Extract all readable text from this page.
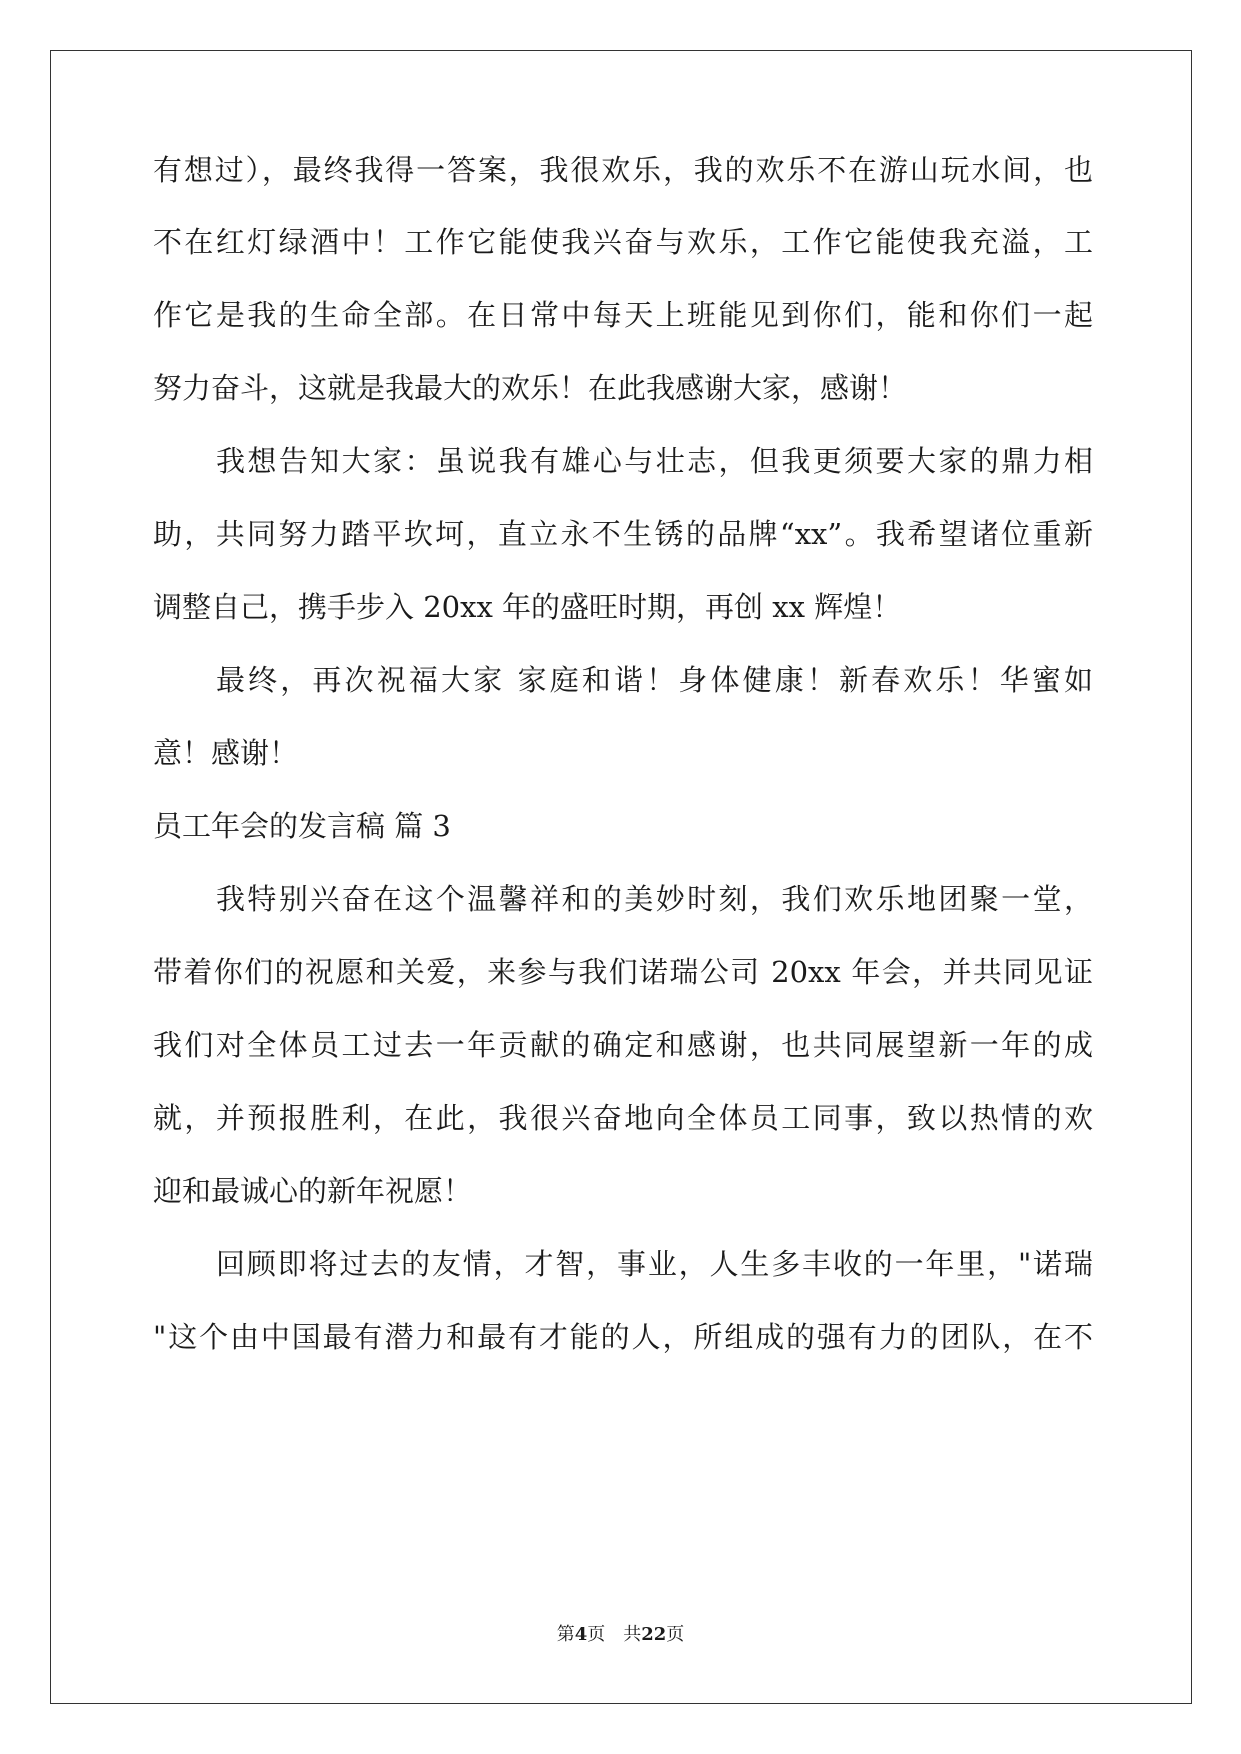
有想过），最终我得一答案，我很欢乐，我的欢乐不在游山玩水间，也
不在红灯绿酒中！工作它能使我兴奋与欢乐，工作它能使我充溢，工
作它是我的生命全部。在日常中每天上班能见到你们，能和你们一起
努力奋斗，这就是我最大的欢乐！在此我感谢大家，感谢！
我想告知大家：虽说我有雄心与壮志，但我更须要大家的鼎力相
助，共同努力踏平坎坷，直立永不生锈的品牌“xx”。我希望诸位重新
调整自己，携手步入 20xx 年的盛旺时期，再创 xx 辉煌！
最终，再次祝福大家 家庭和谐！身体健康！新春欢乐！华蜜如
意！感谢！
员工年会的发言稿 篇 3
我特别兴奋在这个温馨祥和的美妙时刻，我们欢乐地团聚一堂，
带着你们的祝愿和关爱，来参与我们诺瑞公司 20xx 年会，并共同见证
我们对全体员工过去一年贡献的确定和感谢，也共同展望新一年的成
就，并预报胜利，在此，我很兴奋地向全体员工同事，致以热情的欢
迎和最诚心的新年祝愿！
回顾即将过去的友情，才智，事业，人生多丰收的一年里，"诺瑞
"这个由中国最有潜力和最有才能的人，所组成的强有力的团队，在不
第4页　共22页
